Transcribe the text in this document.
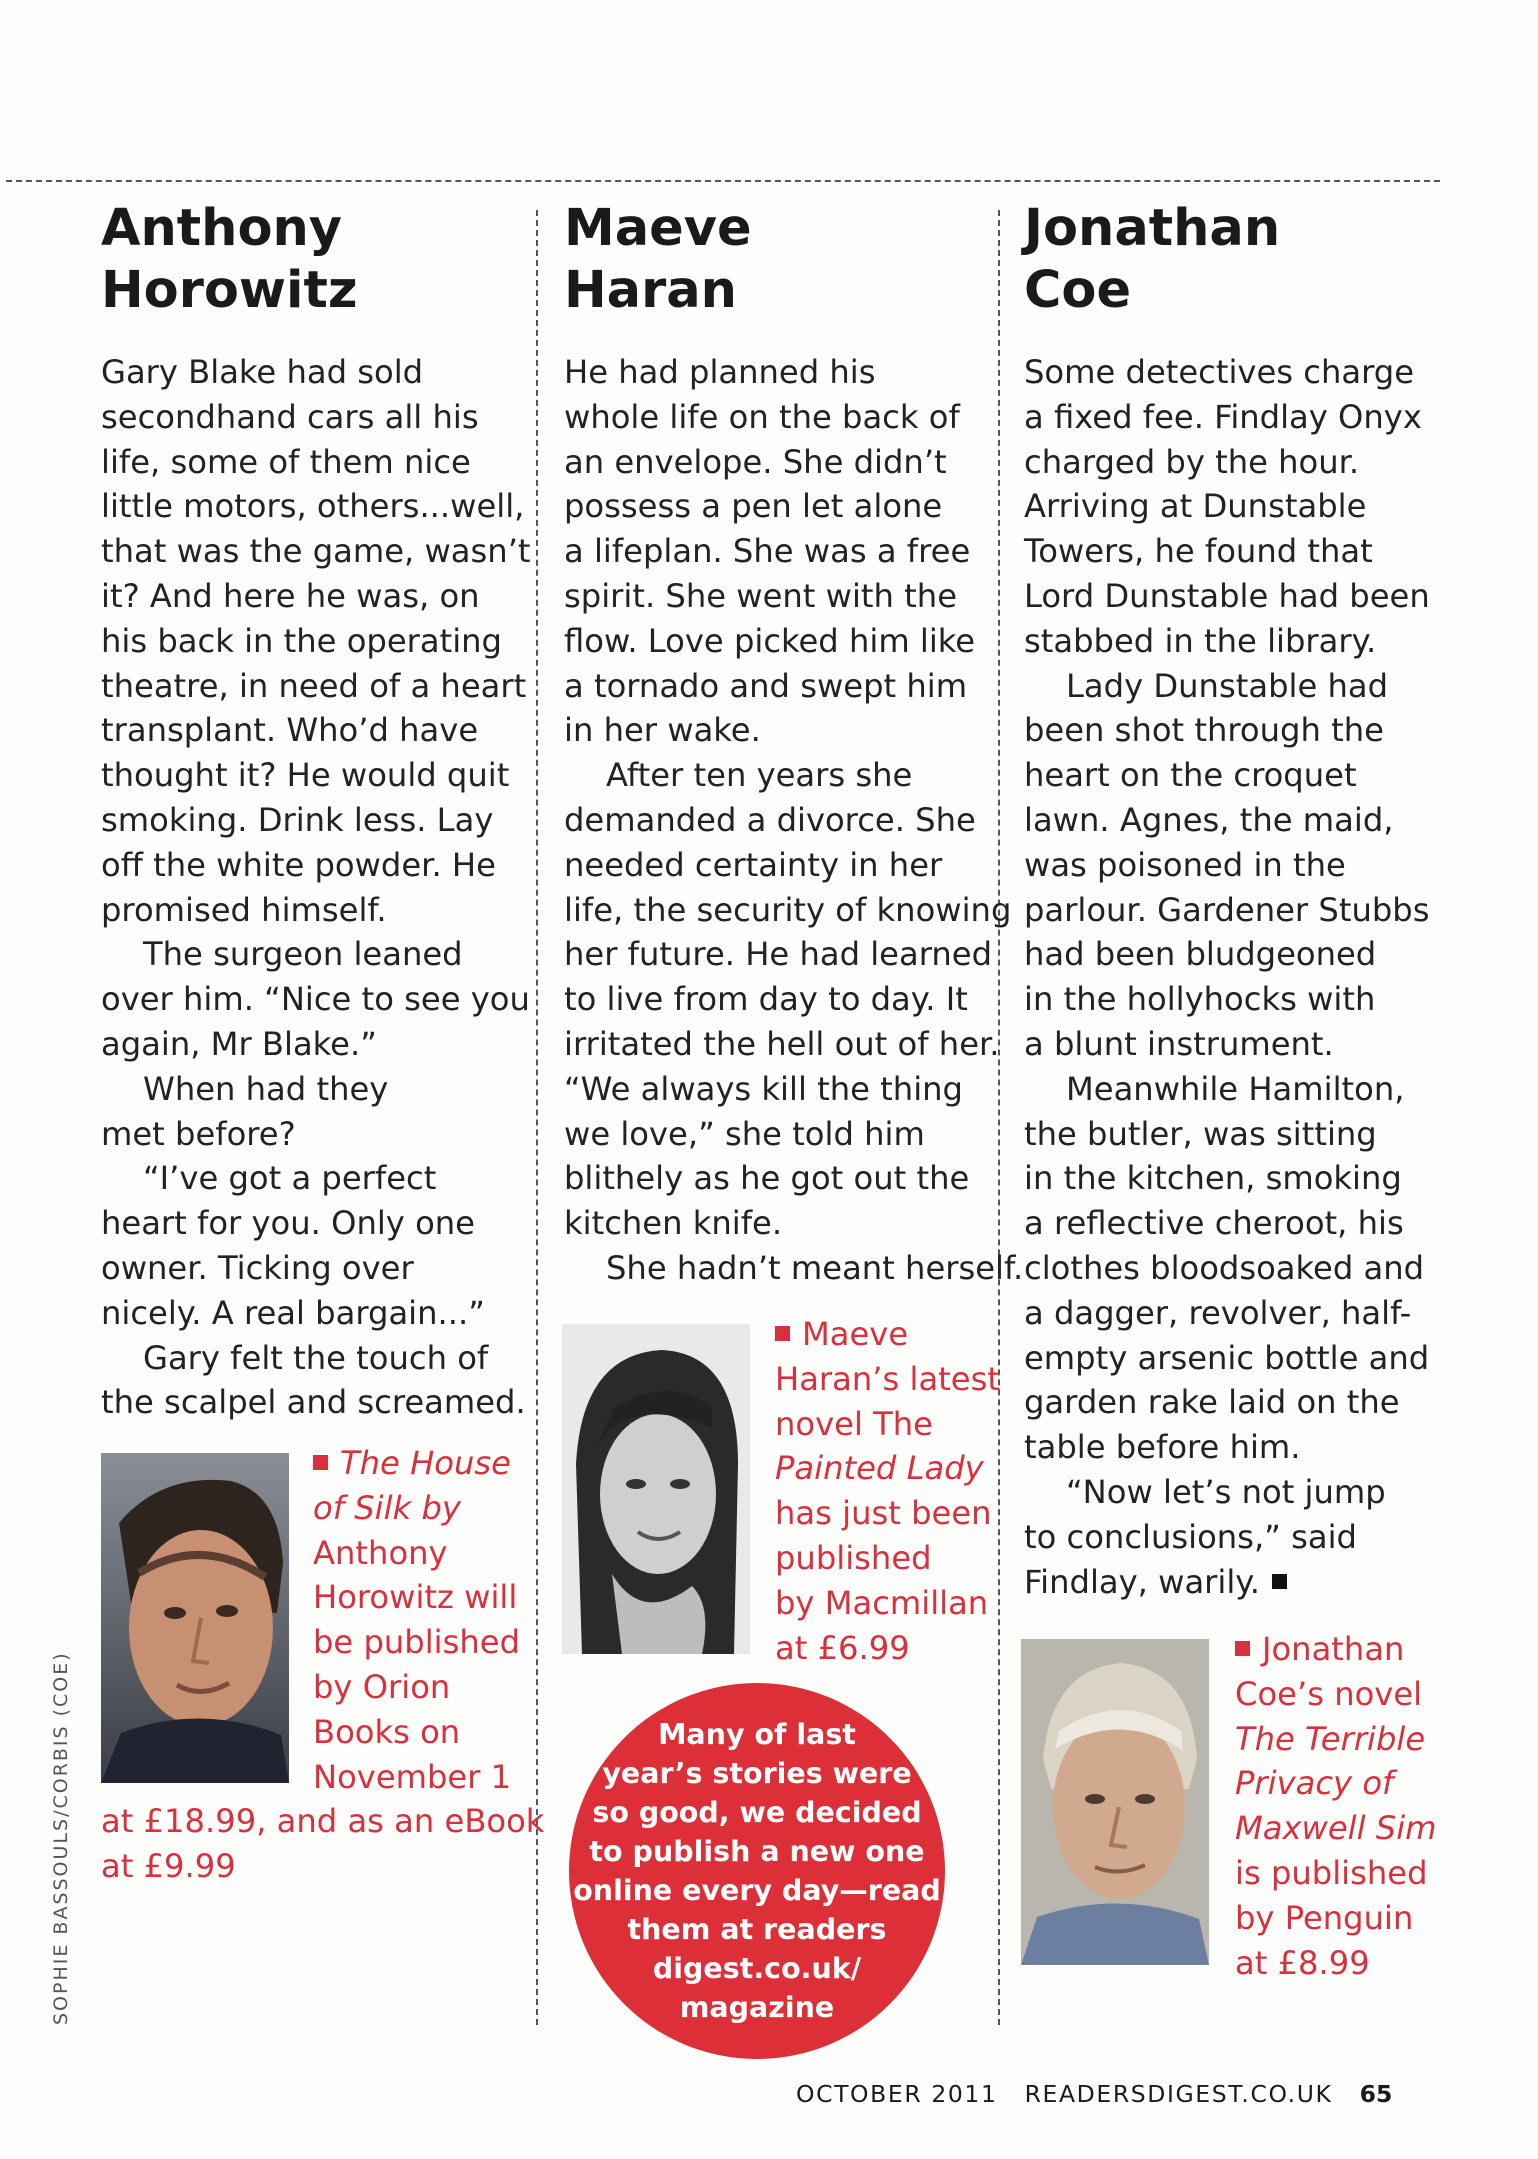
SOPHIE BASSOULS/CORBIS (COE)
Anthony
Horowitz
Gary Blake had sold
secondhand cars all his
life, some of them nice
little motors, others...well,
that was the game, wasn’t
it? And here he was, on
his back in the operating
theatre, in need of a heart
transplant. Who’d have
thought it? He would quit
smoking. Drink less. Lay
off the white powder. He
promised himself.
The surgeon leaned
over him. “Nice to see you
again, Mr Blake.”
When had they
met before?
“I’ve got a perfect
heart for you. Only one
owner. Ticking over
nicely. A real bargain...”
Gary felt the touch of
the scalpel and screamed.
The House
of Silk by
Anthony
Horowitz will
be published
by Orion
Books on
November 1
at £18.99, and as an eBook
at £9.99
Maeve
Haran
He had planned his
whole life on the back of
an envelope. She didn’t
possess a pen let alone
a lifeplan. She was a free
spirit. She went with the
flow. Love picked him like
a tornado and swept him
in her wake.
After ten years she
demanded a divorce. She
needed certainty in her
life, the security of knowing
her future. He had learned
to live from day to day. It
irritated the hell out of her.
“We always kill the thing
we love,” she told him
blithely as he got out the
kitchen knife.
She hadn’t meant herself.
Maeve
Haran’s latest
novel The
Painted Lady
has just been
published
by Macmillan
at £6.99
Jonathan
Coe
Some detectives charge
a fixed fee. Findlay Onyx
charged by the hour.
Arriving at Dunstable
Towers, he found that
Lord Dunstable had been
stabbed in the library.
Lady Dunstable had
been shot through the
heart on the croquet
lawn. Agnes, the maid,
was poisoned in the
parlour. Gardener Stubbs
had been bludgeoned
in the hollyhocks with
a blunt instrument.
Meanwhile Hamilton,
the butler, was sitting
in the kitchen, smoking
a reflective cheroot, his
clothes bloodsoaked and
a dagger, revolver, half-
empty arsenic bottle and
garden rake laid on the
table before him.
“Now let’s not jump
to conclusions,” said
Findlay, warily.
Jonathan
Coe’s novel
The Terrible
Privacy of
Maxwell Sim
is published
by Penguin
at £8.99
Many of last
year’s stories were
so good, we decided
to publish a new one
online every day—read
them at readers
digest.co.uk/
magazine
OCTOBER 2011 READERSDIGEST.CO.UK 65
